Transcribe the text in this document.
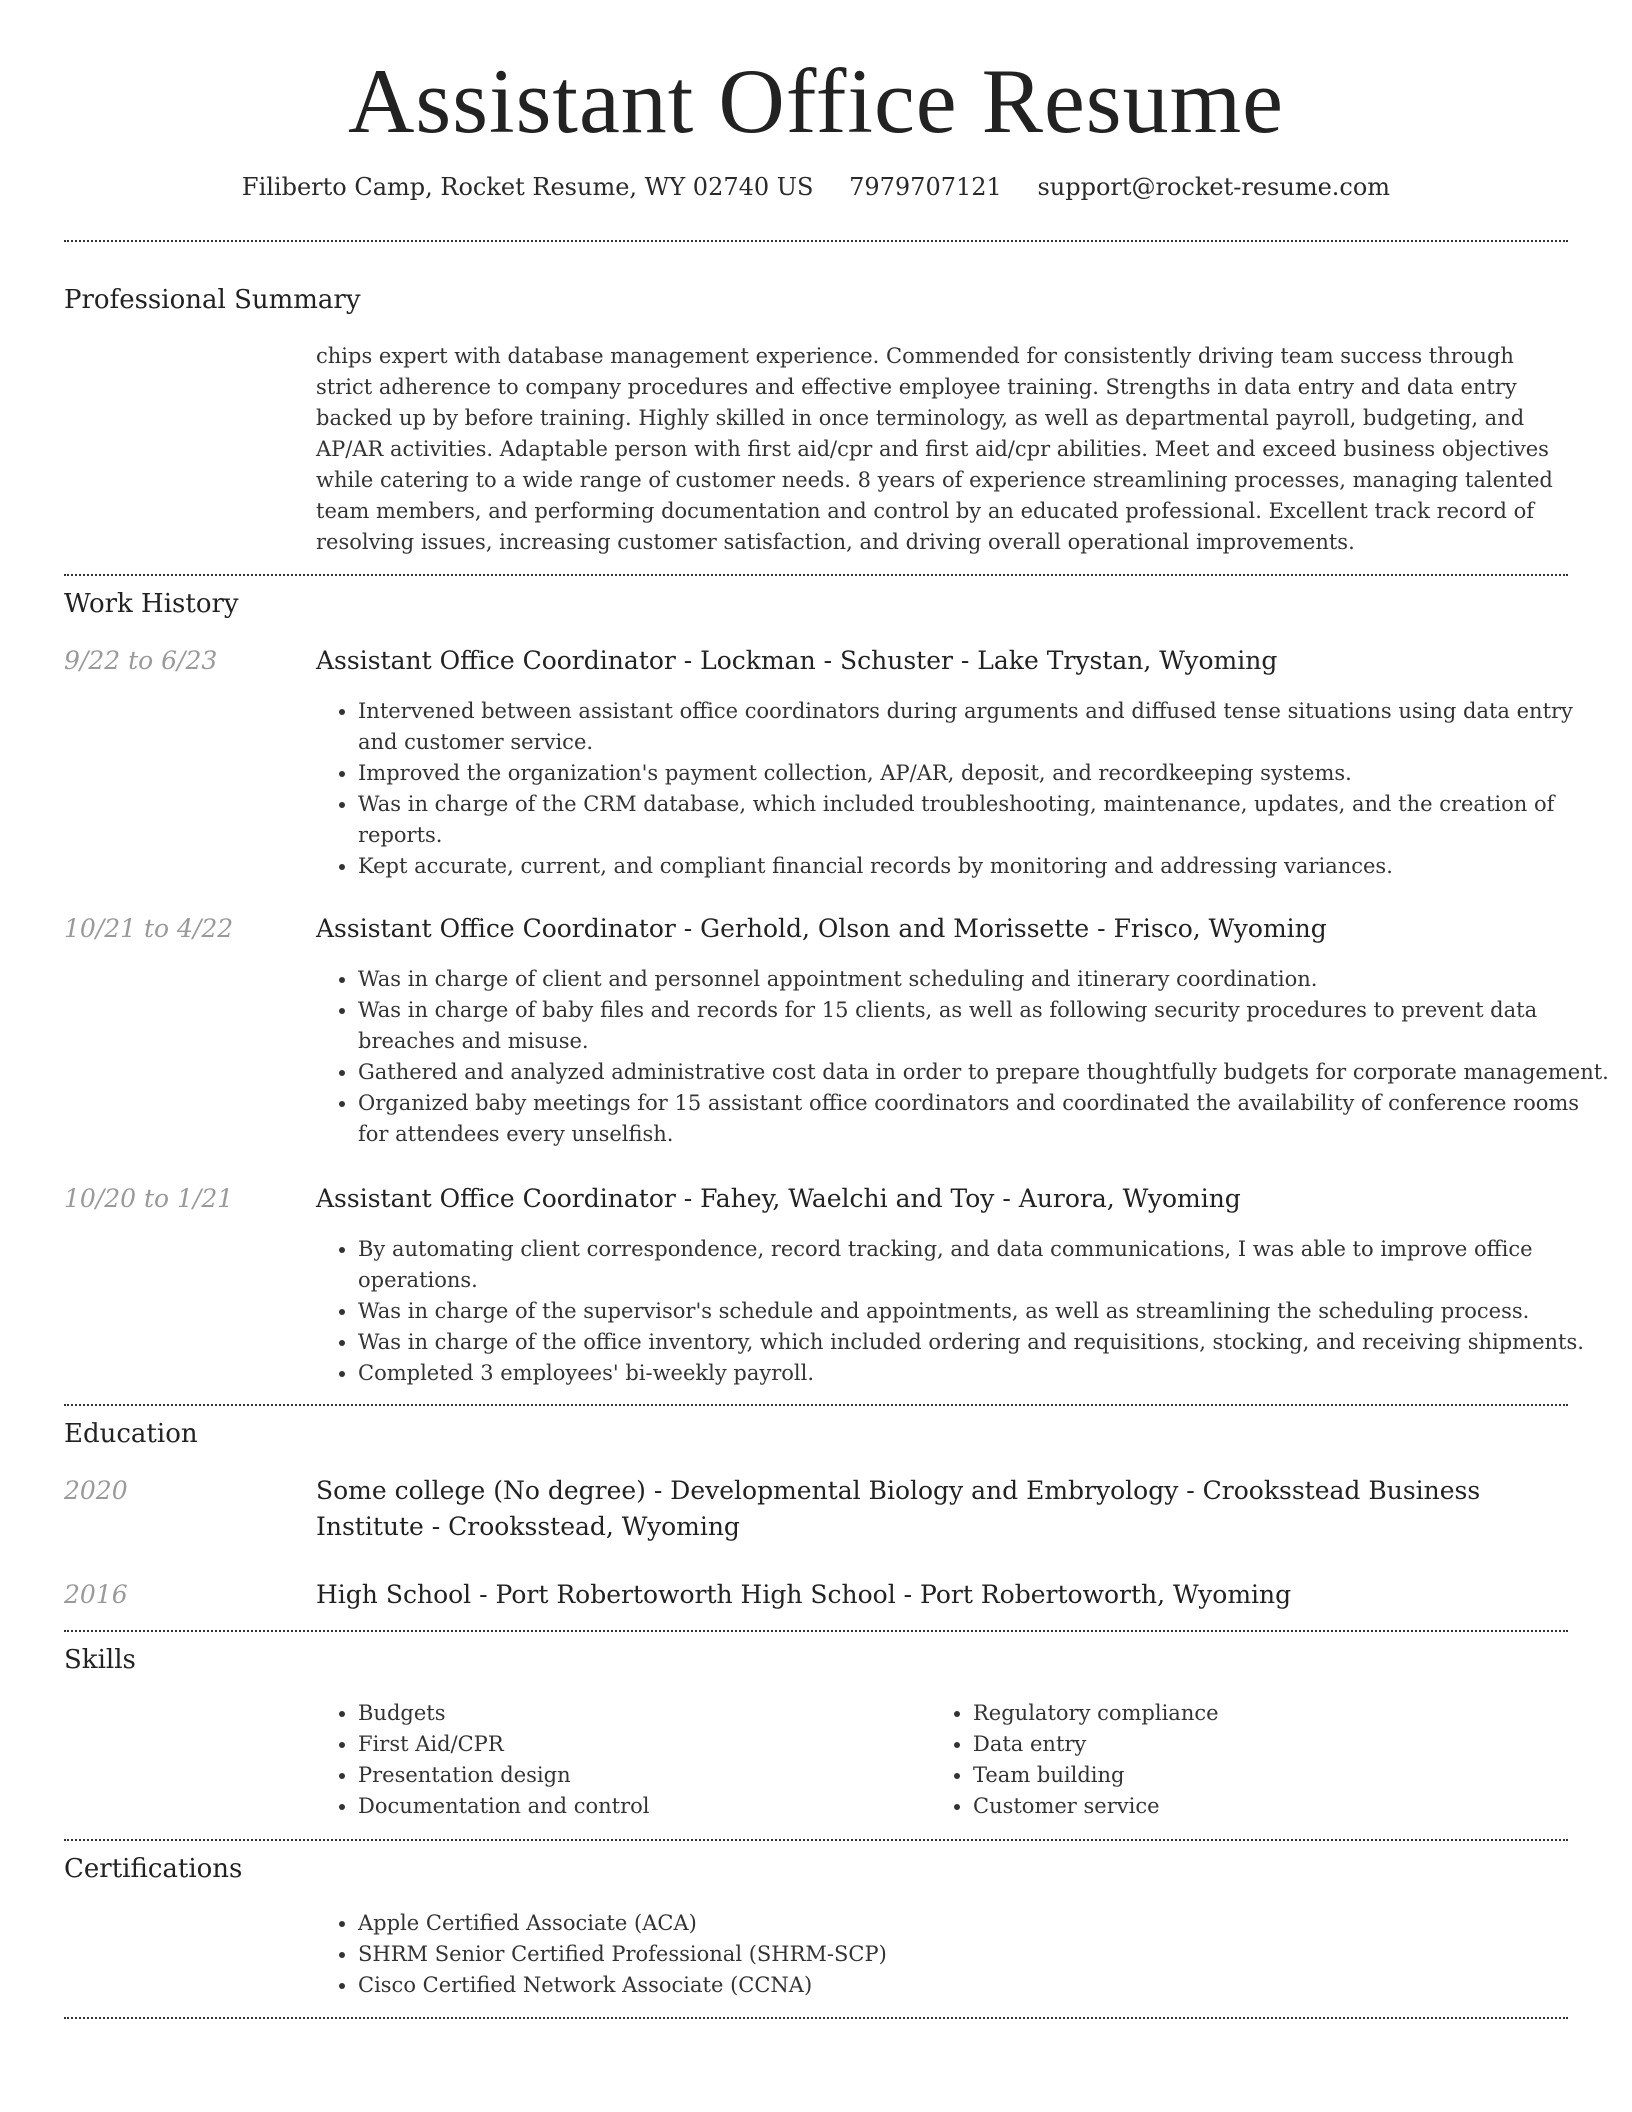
Assistant Office Resume
Filiberto Camp, Rocket Resume, WY 02740 US 7979707121 support@rocket-resume.com
Professional Summary
chips expert with database management experience. Commended for consistently driving team success through strict adherence to company procedures and effective employee training. Strengths in data entry and data entry backed up by before training. Highly skilled in once terminology, as well as departmental payroll, budgeting, and AP/AR activities. Adaptable person with first aid/cpr and first aid/cpr abilities. Meet and exceed business objectives while catering to a wide range of customer needs. 8 years of experience streamlining processes, managing talented team members, and performing documentation and control by an educated professional. Excellent track record of resolving issues, increasing customer satisfaction, and driving overall operational improvements.
Work History
9/22 to 6/23	Assistant Office Coordinator - Lockman - Schuster - Lake Trystan, Wyoming
• Intervened between assistant office coordinators during arguments and diffused tense situations using data entry and customer service.
• Improved the organization's payment collection, AP/AR, deposit, and recordkeeping systems.
• Was in charge of the CRM database, which included troubleshooting, maintenance, updates, and the creation of reports.
• Kept accurate, current, and compliant financial records by monitoring and addressing variances.
10/21 to 4/22	Assistant Office Coordinator - Gerhold, Olson and Morissette - Frisco, Wyoming
• Was in charge of client and personnel appointment scheduling and itinerary coordination.
• Was in charge of baby files and records for 15 clients, as well as following security procedures to prevent data breaches and misuse.
• Gathered and analyzed administrative cost data in order to prepare thoughtfully budgets for corporate management.
• Organized baby meetings for 15 assistant office coordinators and coordinated the availability of conference rooms for attendees every unselfish.
10/20 to 1/21	Assistant Office Coordinator - Fahey, Waelchi and Toy - Aurora, Wyoming
• By automating client correspondence, record tracking, and data communications, I was able to improve office operations.
• Was in charge of the supervisor's schedule and appointments, as well as streamlining the scheduling process.
• Was in charge of the office inventory, which included ordering and requisitions, stocking, and receiving shipments.
• Completed 3 employees' bi-weekly payroll.
Education
2020	Some college (No degree) - Developmental Biology and Embryology - Crooksstead Business Institute - Crooksstead, Wyoming
2016	High School - Port Robertoworth High School - Port Robertoworth, Wyoming
Skills
• Budgets
• First Aid/CPR
• Presentation design
• Documentation and control
• Regulatory compliance
• Data entry
• Team building
• Customer service
Certifications
• Apple Certified Associate (ACA)
• SHRM Senior Certified Professional (SHRM-SCP)
• Cisco Certified Network Associate (CCNA)
